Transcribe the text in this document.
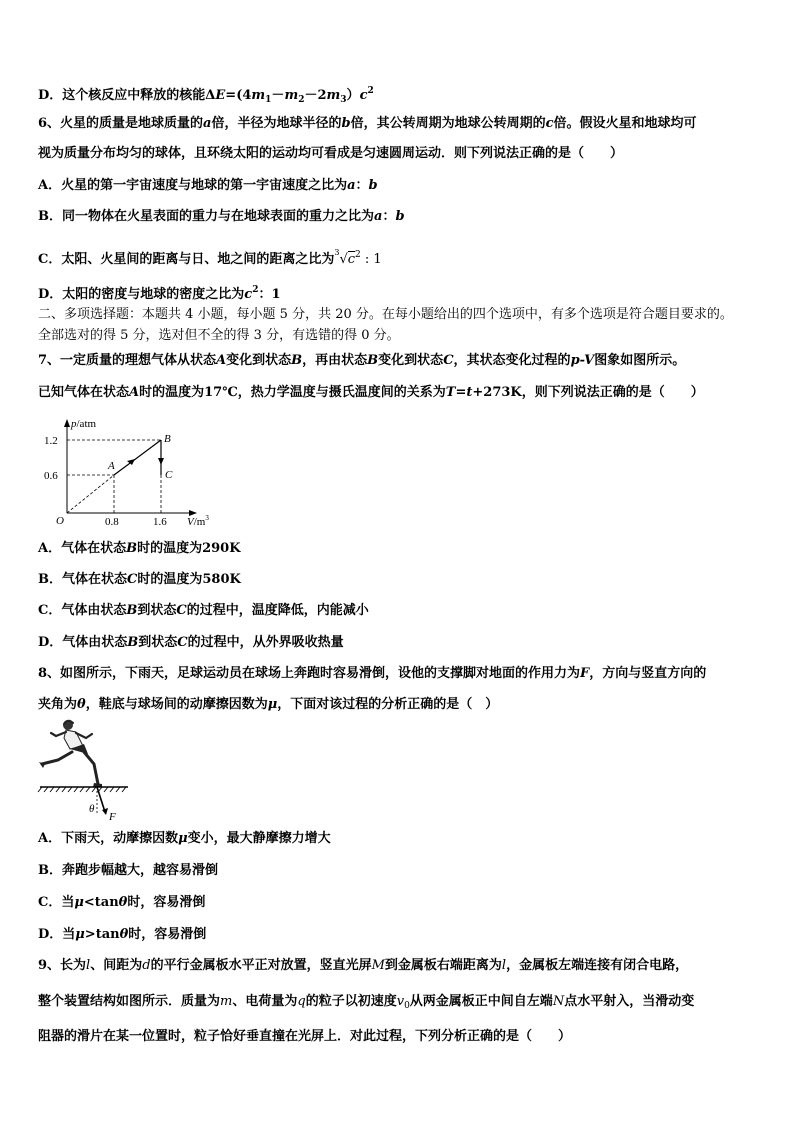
D．这个核反应中释放的核能$\Delta E=(4m_1-m_2-2m_3)c^2$
6、火星的质量是地球质量的a倍，半径为地球半径的b倍，其公转周期为地球公转周期的c倍。假设火星和地球均可
视为质量分布均匀的球体，且环绕太阳的运动均可看成是匀速圆周运动．则下列说法正确的是（　　）
A．火星的第一宇宙速度与地球的第一宇宙速度之比为a：b
B．同一物体在火星表面的重力与在地球表面的重力之比为a：b
C．太阳、火星间的距离与日、地之间的距离之比为$^3√c^2$ : 1
D．太阳的密度与地球的密度之比为$c^2$：1
二、多项选择题：本题共 4 小题，每小题 5 分，共 20 分。在每小题给出的四个选项中，有多个选项是符合题目要求的。
全部选对的得 5 分，选对但不全的得 3 分，有选错的得 0 分。
7、一定质量的理想气体从状态A变化到状态B，再由状态B变化到状态C，其状态变化过程的p-V图象如图所示。
已知气体在状态A时的温度为17℃，热力学温度与摄氏温度间的关系为T=t+273K，则下列说法正确的是（　　）
p/atm
$V/m^3$
O
1.2
0.6
0.8	1.6
A
B
C
A．气体在状态B时的温度为290K
B．气体在状态C时的温度为580K
C．气体由状态B到状态C的过程中，温度降低，内能减小
D．气体由状态B到状态C的过程中，从外界吸收热量
8、如图所示，下雨天，足球运动员在球场上奔跑时容易滑倒，设他的支撑脚对地面的作用力为F，方向与竖直方向的
夹角为θ，鞋底与球场间的动摩擦因数为μ，下面对该过程的分析正确的是（　）
θ
F
A．下雨天，动摩擦因数μ变小，最大静摩擦力增大
B．奔跑步幅越大，越容易滑倒
C．当μ<tanθ时，容易滑倒
D．当μ>tanθ时，容易滑倒
9、长为l、间距为d的平行金属板水平正对放置，竖直光屏M到金属板右端距离为l，金属板左端连接有闭合电路，
整个装置结构如图所示．质量为m、电荷量为q的粒子以初速度$v_0$从两金属板正中间自左端N点水平射入，当滑动变
阻器的滑片在某一位置时，粒子恰好垂直撞在光屏上．对此过程，下列分析正确的是（　　）
